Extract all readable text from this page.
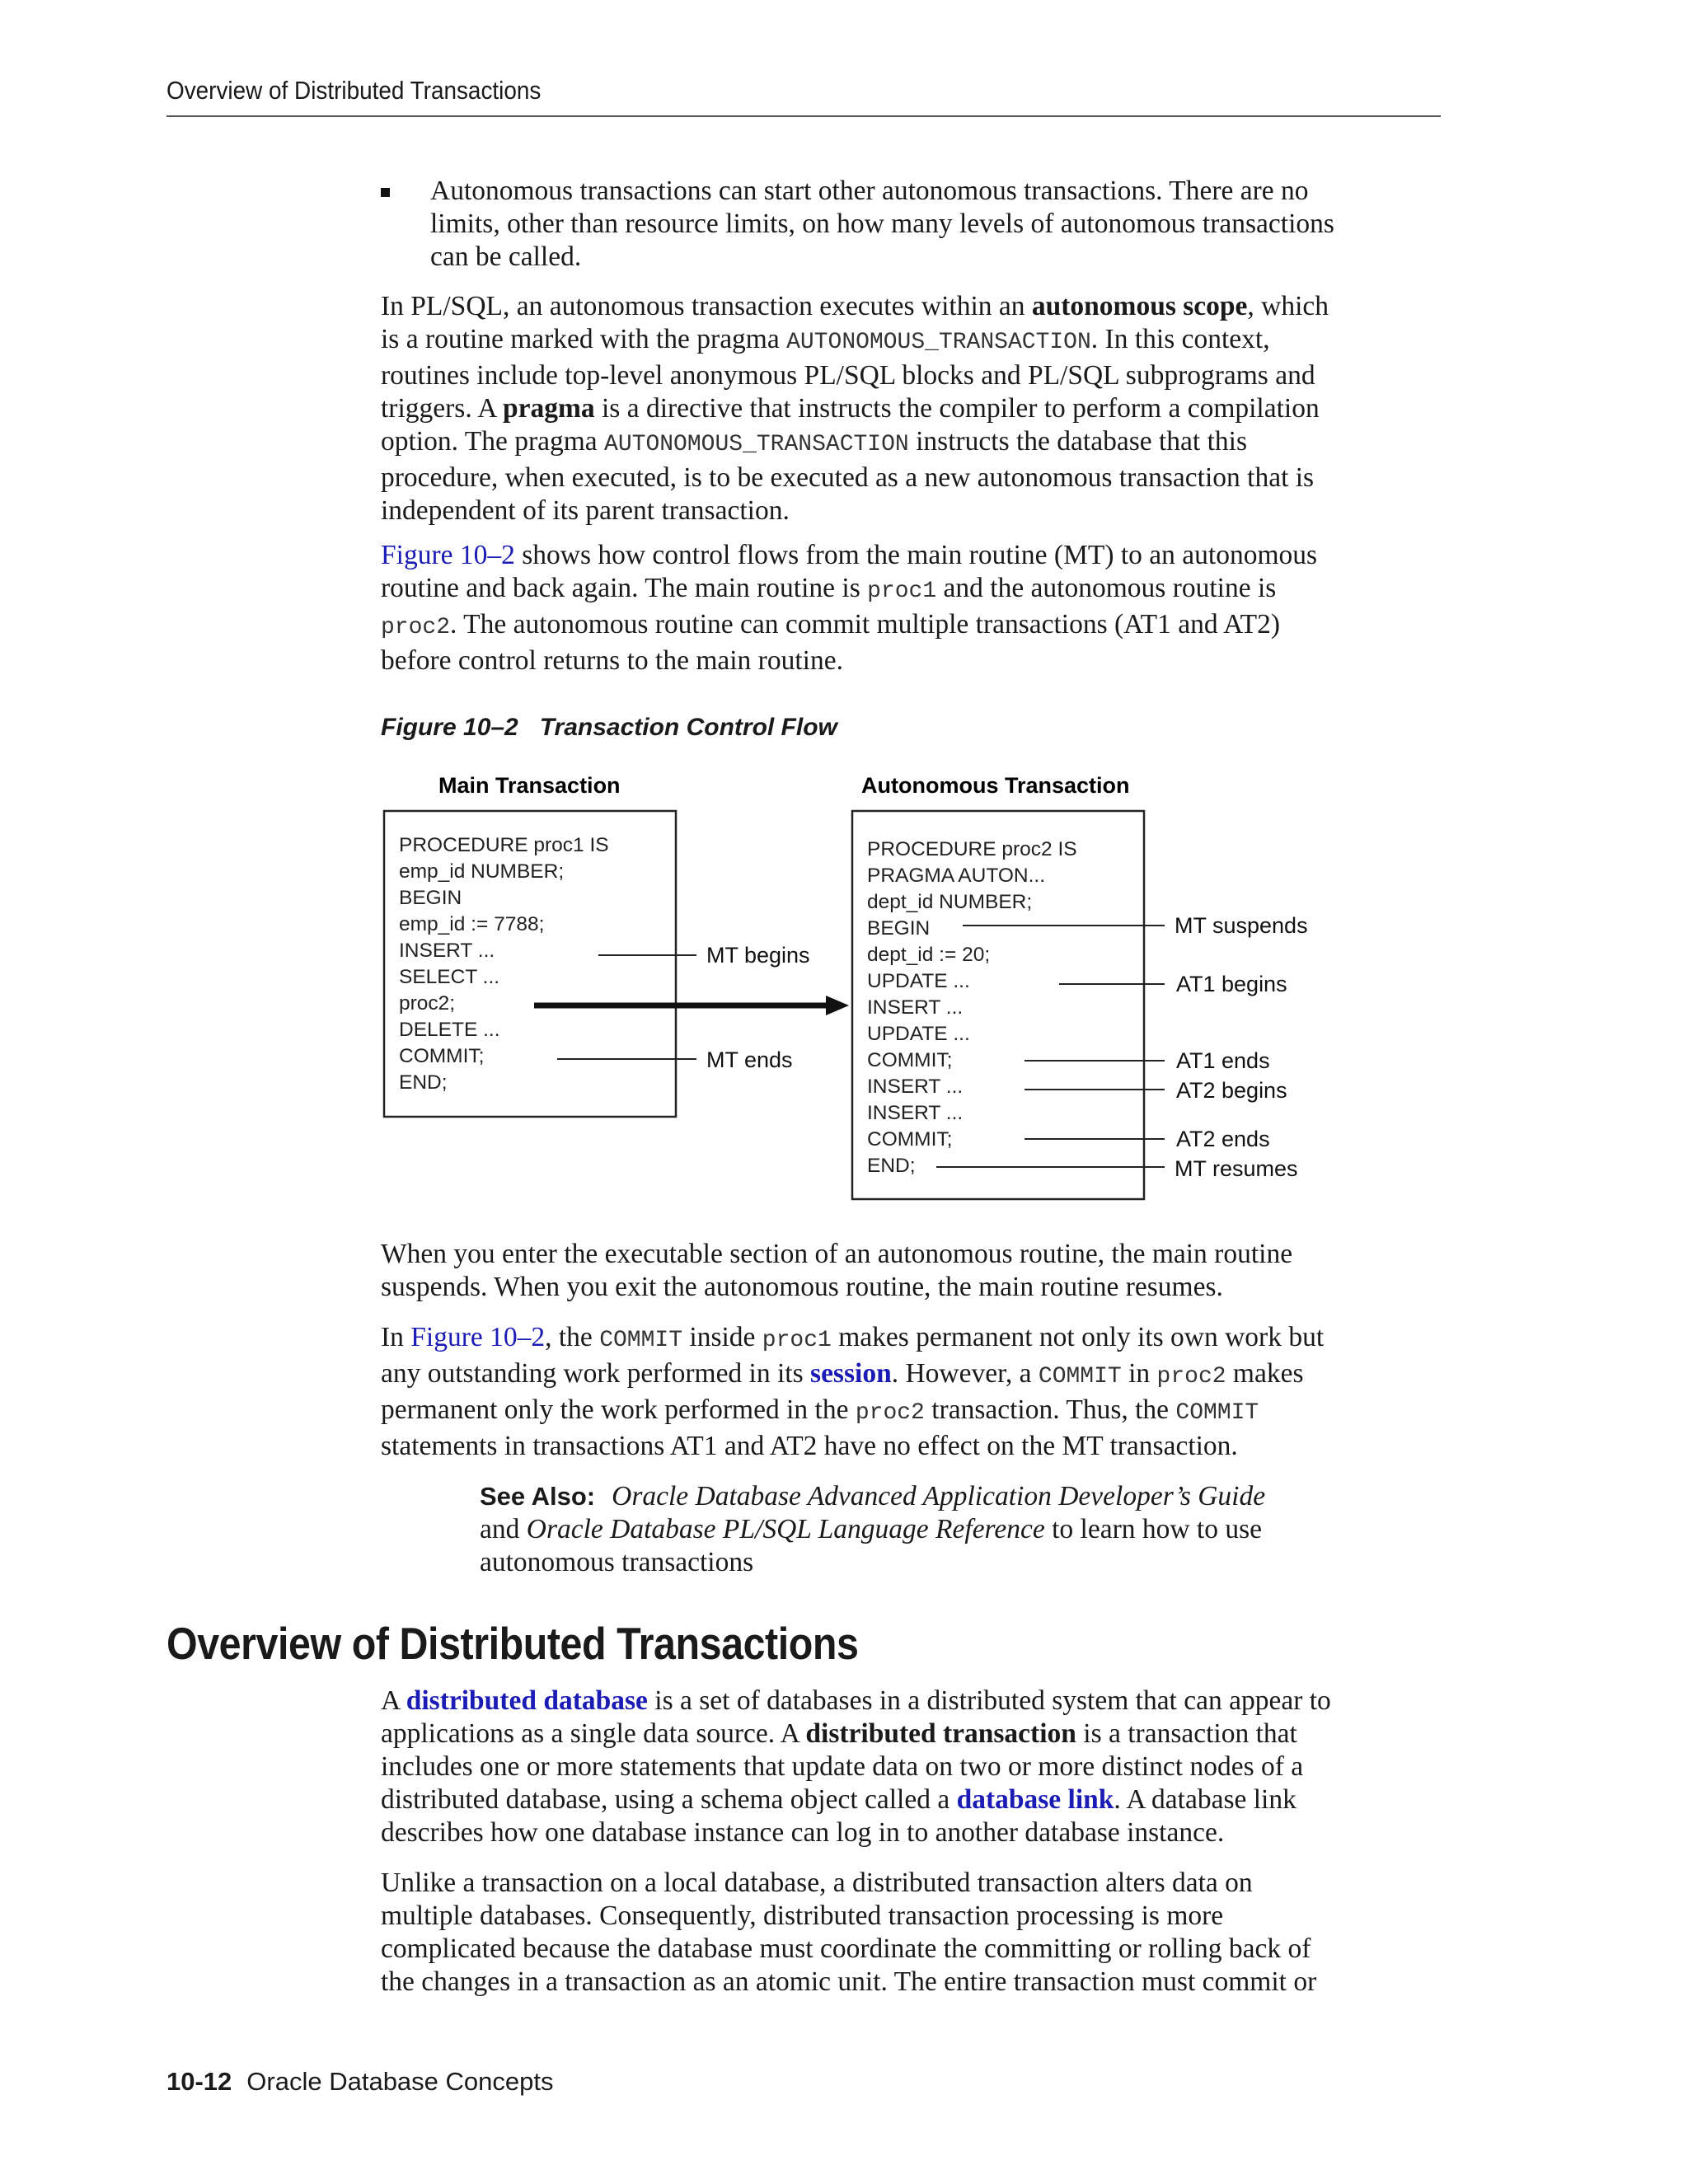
Overview of Distributed Transactions
Autonomous transactions can start other autonomous transactions. There are no
limits, other than resource limits, on how many levels of autonomous transactions
can be called.
In PL/SQL, an autonomous transaction executes within an autonomous scope, which
is a routine marked with the pragma AUTONOMOUS_TRANSACTION. In this context,
routines include top-level anonymous PL/SQL blocks and PL/SQL subprograms and
triggers. A pragma is a directive that instructs the compiler to perform a compilation
option. The pragma AUTONOMOUS_TRANSACTION instructs the database that this
procedure, when executed, is to be executed as a new autonomous transaction that is
independent of its parent transaction.
Figure 10–2 shows how control flows from the main routine (MT) to an autonomous
routine and back again. The main routine is proc1 and the autonomous routine is
proc2. The autonomous routine can commit multiple transactions (AT1 and AT2)
before control returns to the main routine.
Figure 10–2 Transaction Control Flow
Main Transaction	Autonomous Transaction
PROCEDURE proc1 IS
emp_id NUMBER;
BEGIN
emp_id := 7788;
INSERT ...
SELECT ...
proc2;
DELETE ...
COMMIT;
END;
PROCEDURE proc2 IS
PRAGMA AUTON...
dept_id NUMBER;
BEGIN
dept_id := 20;
UPDATE ...
INSERT ...
UPDATE ...
COMMIT;
INSERT ...
INSERT ...
COMMIT;
END;
MT begins
MT ends
MT suspends
AT1 begins
AT1 ends
AT2 begins
AT2 ends
MT resumes
When you enter the executable section of an autonomous routine, the main routine
suspends. When you exit the autonomous routine, the main routine resumes.
In Figure 10–2, the COMMIT inside proc1 makes permanent not only its own work but
any outstanding work performed in its session. However, a COMMIT in proc2 makes
permanent only the work performed in the proc2 transaction. Thus, the COMMIT
statements in transactions AT1 and AT2 have no effect on the MT transaction.
See Also: Oracle Database Advanced Application Developer’s Guide
and Oracle Database PL/SQL Language Reference to learn how to use
autonomous transactions
Overview of Distributed Transactions
A distributed database is a set of databases in a distributed system that can appear to
applications as a single data source. A distributed transaction is a transaction that
includes one or more statements that update data on two or more distinct nodes of a
distributed database, using a schema object called a database link. A database link
describes how one database instance can log in to another database instance.
Unlike a transaction on a local database, a distributed transaction alters data on
multiple databases. Consequently, distributed transaction processing is more
complicated because the database must coordinate the committing or rolling back of
the changes in a transaction as an atomic unit. The entire transaction must commit or
10-12 Oracle Database Concepts
